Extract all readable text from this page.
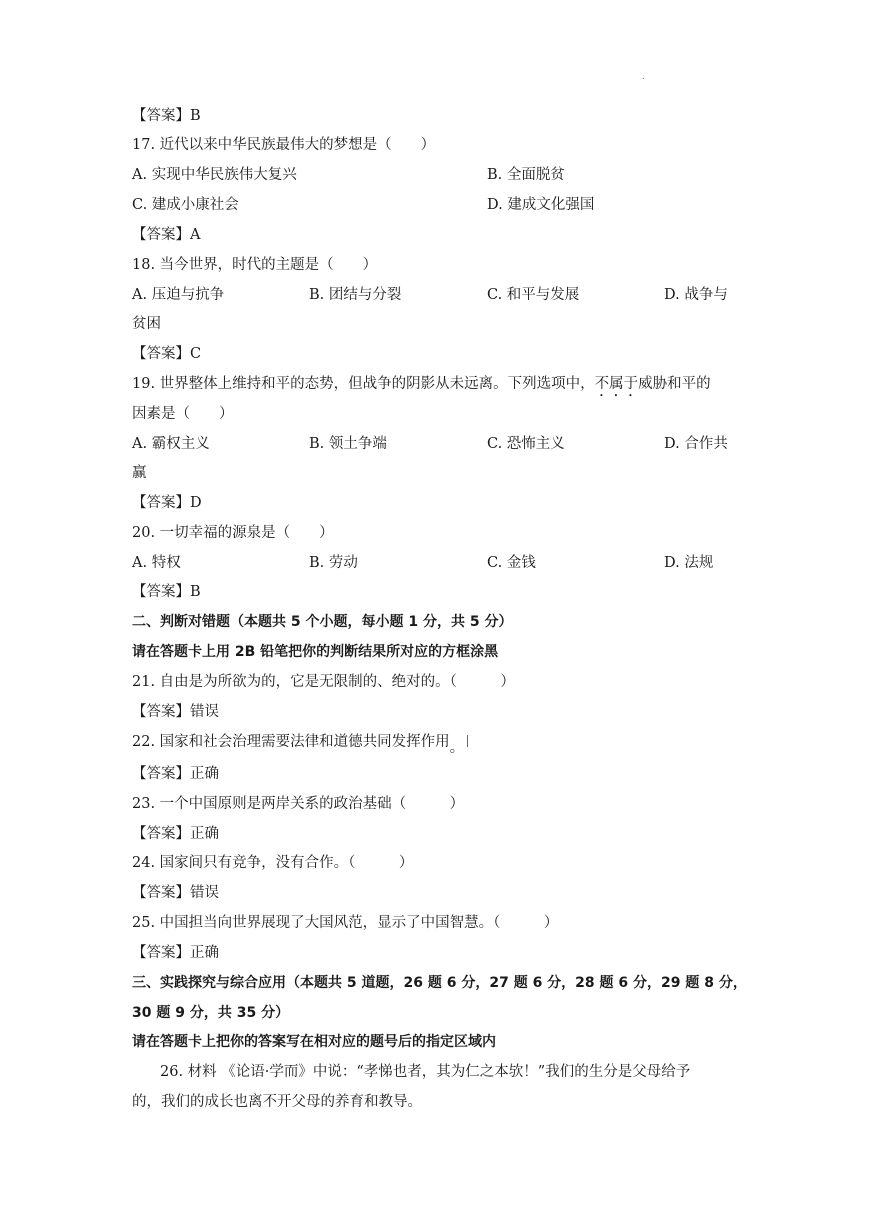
.
【答案】B
17. 近代以来中华民族最伟大的梦想是（　　）
A. 实现中华民族伟大复兴	B. 全面脱贫
C. 建成小康社会	D. 建成文化强国
【答案】A
18. 当今世界，时代的主题是（　　）
A. 压迫与抗争	B. 团结与分裂	C. 和平与发展	D. 战争与
贫困
【答案】C
19. 世界整体上维持和平的态势，但战争的阴影从未远离。下列选项中，不属于威胁和平的
因素是（　　）
A. 霸权主义	B. 领土争端	C. 恐怖主义	D. 合作共
赢
【答案】D
20. 一切幸福的源泉是（　　）
A. 特权	B. 劳动	C. 金钱	D. 法规
【答案】B
二、判断对错题（本题共 5 个小题，每小题 1 分，共 5 分）
请在答题卡上用 2B 铅笔把你的判断结果所对应的方框涂黑
21. 自由是为所欲为的，它是无限制的、绝对的。（　　　）
【答案】错误
22. 国家和社会治理需要法律和道德共同发挥作用。
【答案】正确
23. 一个中国原则是两岸关系的政治基础（　　　）
【答案】正确
24. 国家间只有竞争，没有合作。（　　　）
【答案】错误
25. 中国担当向世界展现了大国风范，显示了中国智慧。（　　　）
【答案】正确
三、实践探究与综合应用（本题共 5 道题，26 题 6 分，27 题 6 分，28 题 6 分，29 题 8 分，
30 题 9 分，共 35 分）
请在答题卡上把你的答案写在相对应的题号后的指定区域内
26. 材料 《论语·学而》中说：“孝悌也者，其为仁之本欤！”我们的生分是父母给予
的，我们的成长也离不开父母的养育和教导。
